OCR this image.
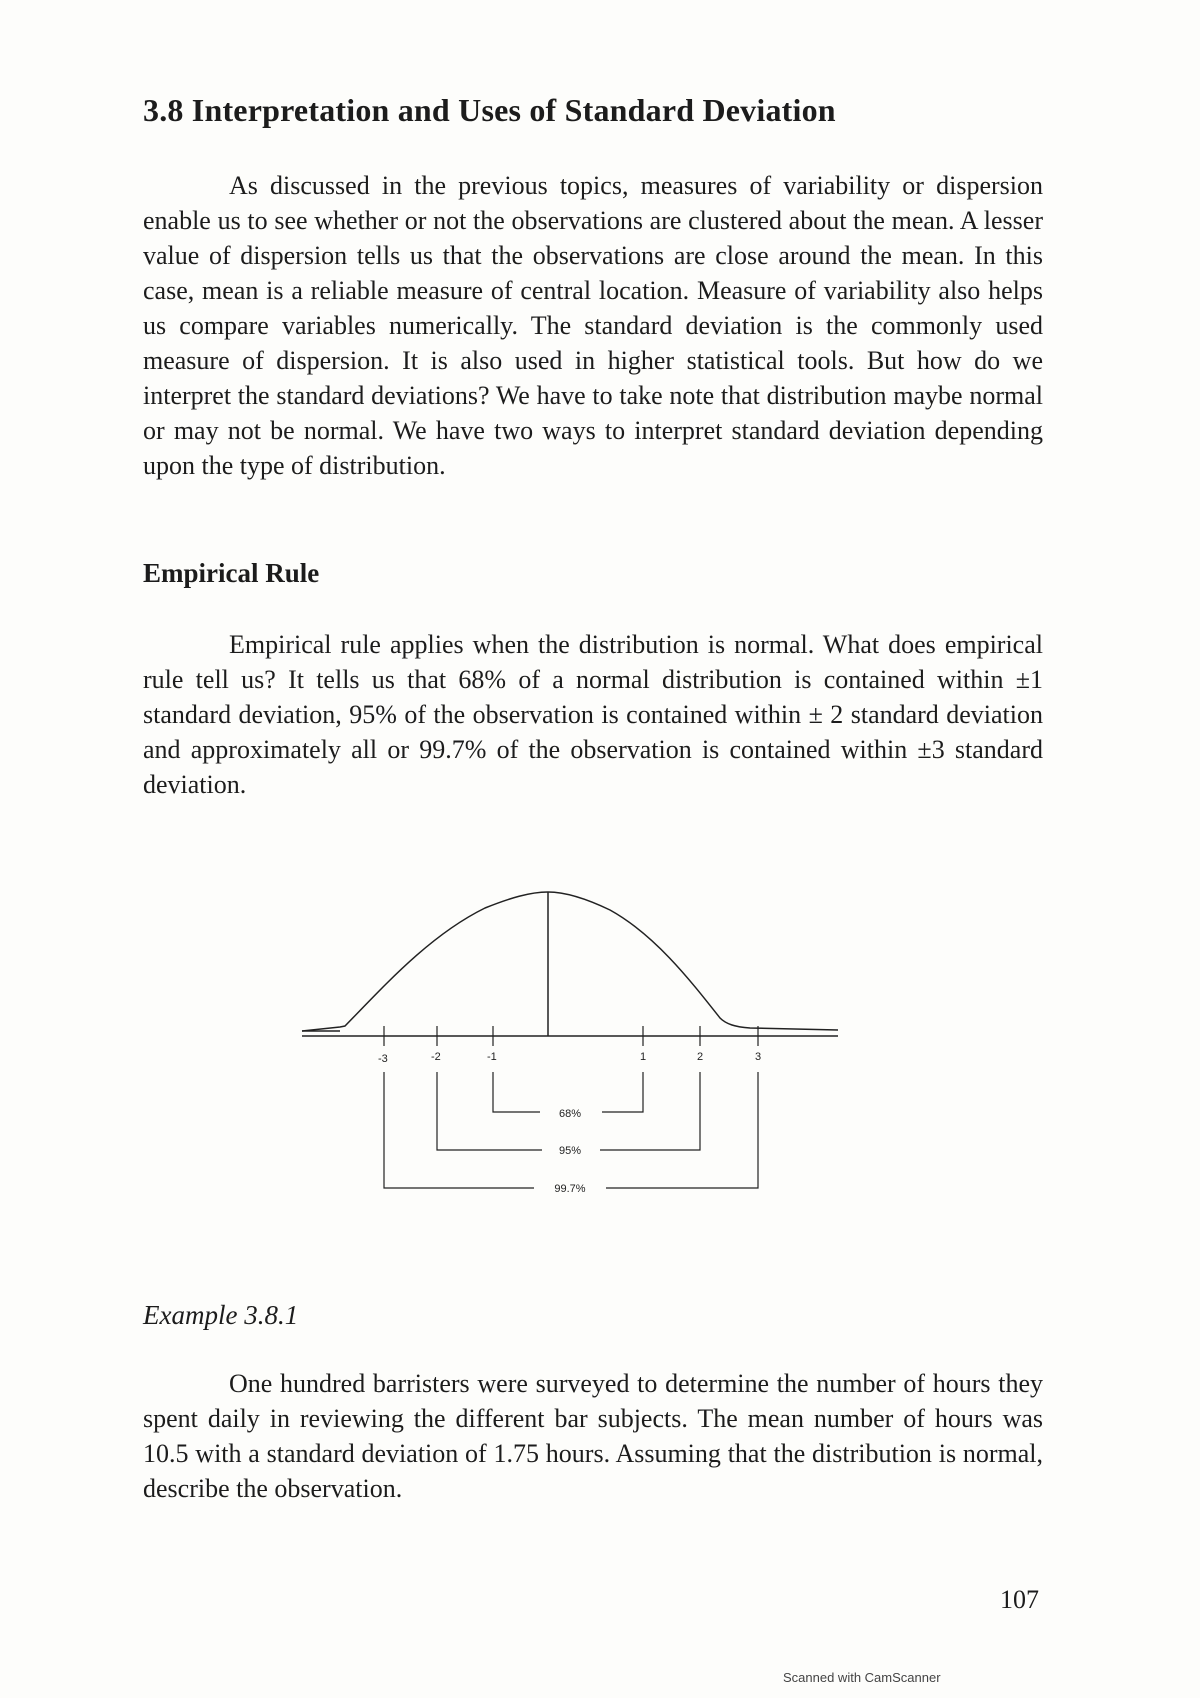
3.8 Interpretation and Uses of Standard Deviation

As discussed in the previous topics, measures of variability or dispersion enable us to see whether or not the observations are clustered about the mean. A lesser value of dispersion tells us that the observations are close around the mean. In this case, mean is a reliable measure of central location. Measure of variability also helps us compare variables numerically. The standard deviation is the commonly used measure of dispersion. It is also used in higher statistical tools. But how do we interpret the standard deviations? We have to take note that distribution maybe normal or may not be normal. We have two ways to interpret standard deviation depending upon the type of distribution.

Empirical Rule

Empirical rule applies when the distribution is normal. What does empirical rule tell us? It tells us that 68% of a normal distribution is contained within ±1 standard deviation, 95% of the observation is contained within ± 2 standard deviation and approximately all or 99.7% of the observation is contained within ±3 standard deviation.

-3	-2	-1	1	2	3
68%
95%
99.7%
Example 3.8.1

One hundred barristers were surveyed to determine the number of hours they spent daily in reviewing the different bar subjects. The mean number of hours was 10.5 with a standard deviation of 1.75 hours. Assuming that the distribution is normal, describe the observation.

107
Scanned with CamScanner
